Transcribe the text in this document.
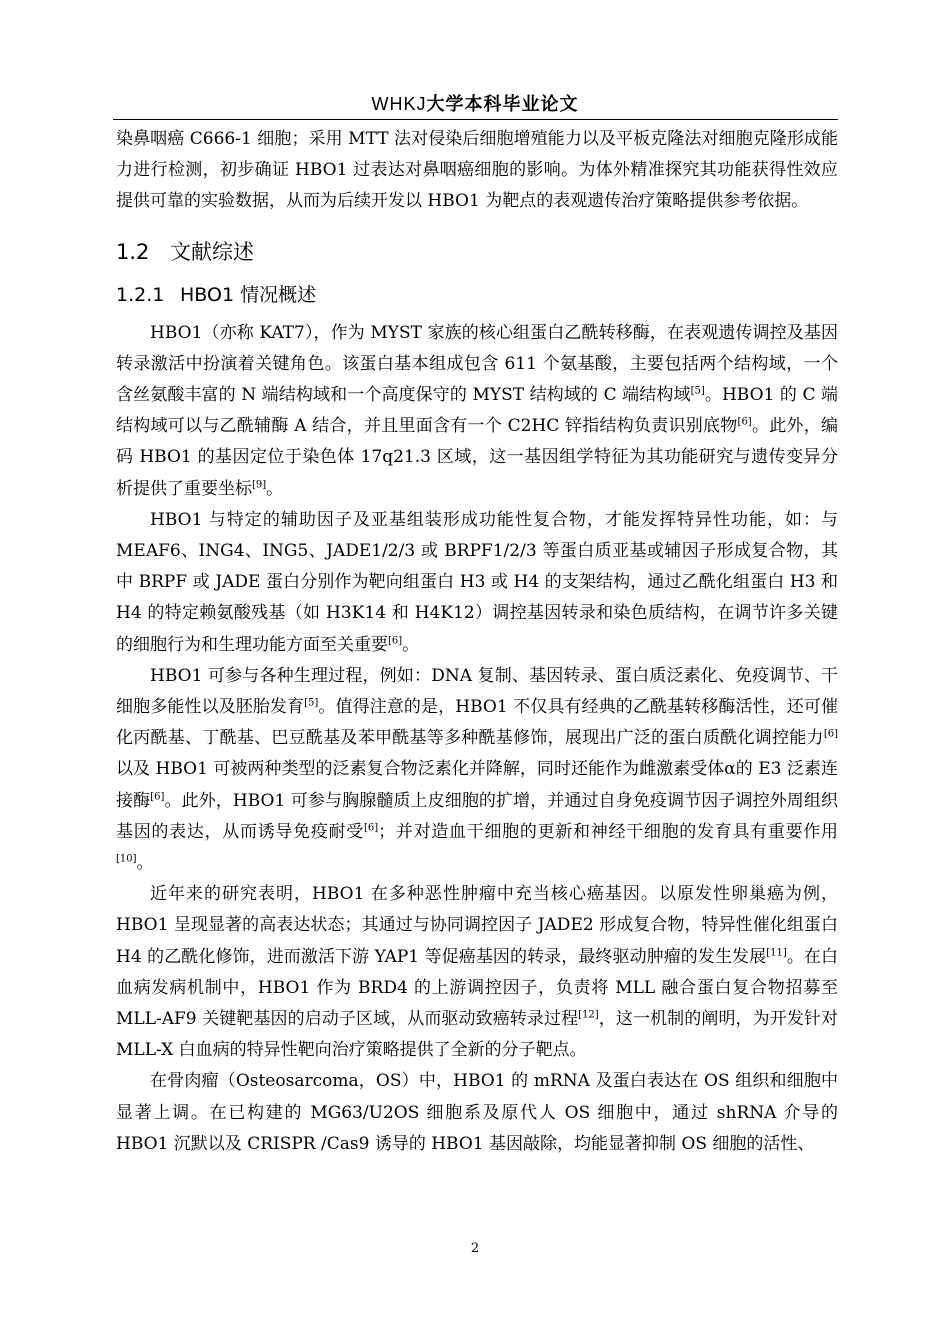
WHKJ大学本科毕业论文

染鼻咽癌 C666-1 细胞；采用 MTT 法对侵染后细胞增殖能力以及平板克隆法对细胞克隆形成能力进行检测，初步确证 HBO1 过表达对鼻咽癌细胞的影响。为体外精准探究其功能获得性效应提供可靠的实验数据，从而为后续开发以 HBO1 为靶点的表观遗传治疗策略提供参考依据。

1.2 文献综述
1.2.1 HBO1 情况概述

HBO1（亦称 KAT7），作为 MYST 家族的核心组蛋白乙酰转移酶，在表观遗传调控及基因转录激活中扮演着关键角色。该蛋白基本组成包含 611 个氨基酸，主要包括两个结构域，一个含丝氨酸丰富的 N 端结构域和一个高度保守的 MYST 结构域的 C 端结构域[5]。HBO1 的 C 端结构域可以与乙酰辅酶 A 结合，并且里面含有一个 C2HC 锌指结构负责识别底物[6]。此外，编码 HBO1 的基因定位于染色体 17q21.3 区域，这一基因组学特征为其功能研究与遗传变异分析提供了重要坐标[9]。

HBO1 与特定的辅助因子及亚基组装形成功能性复合物，才能发挥特异性功能，如：与 MEAF6、ING4、ING5、JADE1/2/3 或 BRPF1/2/3 等蛋白质亚基或辅因子形成复合物，其中 BRPF 或 JADE 蛋白分别作为靶向组蛋白 H3 或 H4 的支架结构，通过乙酰化组蛋白 H3 和 H4 的特定赖氨酸残基（如 H3K14 和 H4K12）调控基因转录和染色质结构，在调节许多关键的细胞行为和生理功能方面至关重要[6]。

HBO1 可参与各种生理过程，例如：DNA 复制、基因转录、蛋白质泛素化、免疫调节、干细胞多能性以及胚胎发育[5]。值得注意的是，HBO1 不仅具有经典的乙酰基转移酶活性，还可催化丙酰基、丁酰基、巴豆酰基及苯甲酰基等多种酰基修饰，展现出广泛的蛋白质酰化调控能力[6]以及 HBO1 可被两种类型的泛素复合物泛素化并降解，同时还能作为雌激素受体α的 E3 泛素连接酶[6]。此外，HBO1 可参与胸腺髓质上皮细胞的扩增，并通过自身免疫调节因子调控外周组织基因的表达，从而诱导免疫耐受[6]；并对造血干细胞的更新和神经干细胞的发育具有重要作用[10]。

近年来的研究表明，HBO1 在多种恶性肿瘤中充当核心癌基因。以原发性卵巢癌为例，HBO1 呈现显著的高表达状态；其通过与协同调控因子 JADE2 形成复合物，特异性催化组蛋白 H4 的乙酰化修饰，进而激活下游 YAP1 等促癌基因的转录，最终驱动肿瘤的发生发展[11]。在白血病发病机制中，HBO1 作为 BRD4 的上游调控因子，负责将 MLL 融合蛋白复合物招募至 MLL-AF9 关键靶基因的启动子区域，从而驱动致癌转录过程[12]，这一机制的阐明，为开发针对 MLL-X 白血病的特异性靶向治疗策略提供了全新的分子靶点。

在骨肉瘤（Osteosarcoma，OS）中，HBO1 的 mRNA 及蛋白表达在 OS 组织和细胞中显著上调。在已构建的 MG63/U2OS 细胞系及原代人 OS 细胞中，通过 shRNA 介导的 HBO1 沉默以及 CRISPR /Cas9 诱导的 HBO1 基因敲除，均能显著抑制 OS 细胞的活性、

2
